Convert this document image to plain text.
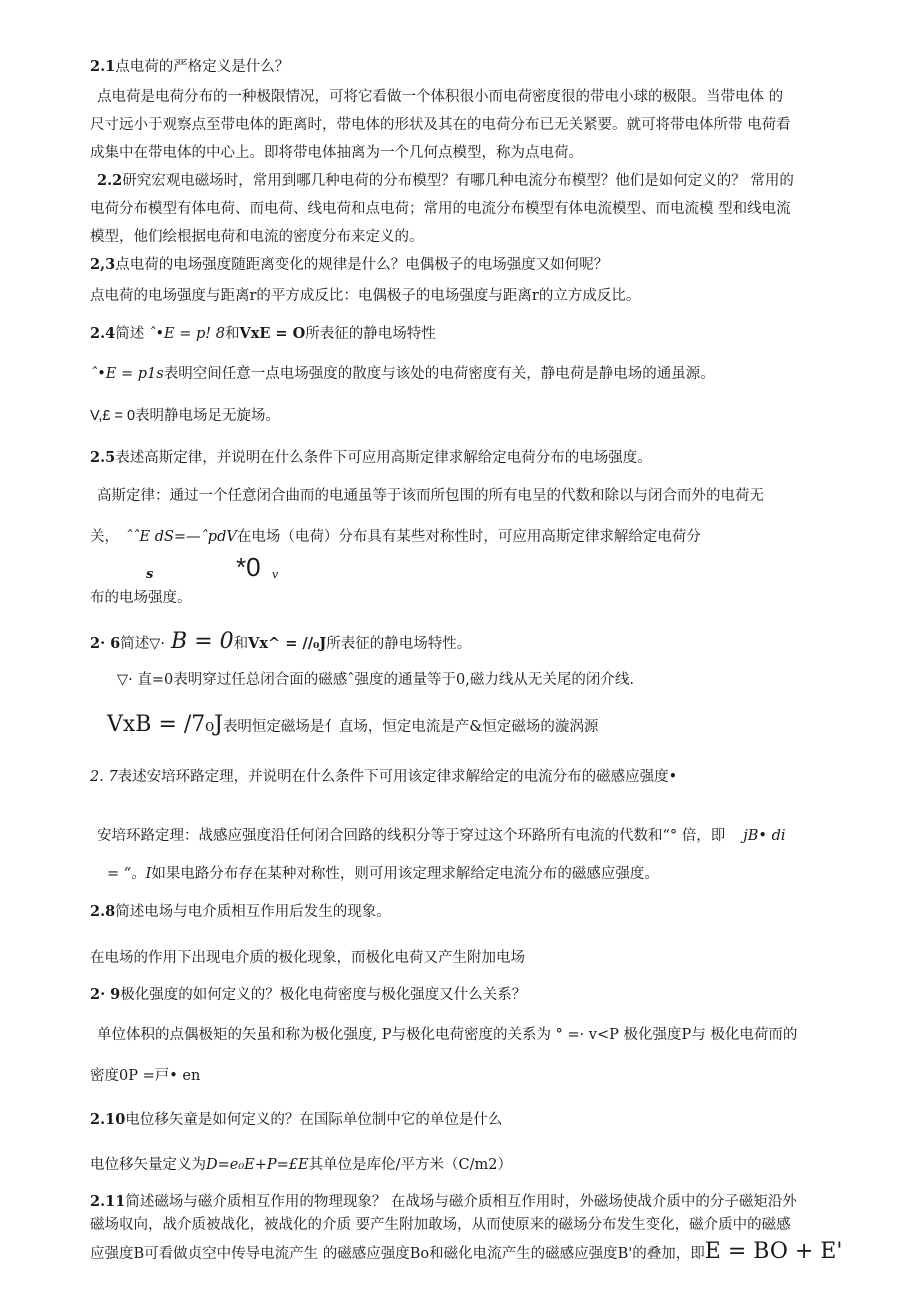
2.1点电荷的严格定义是什么？
点电荷是电荷分布的一种极限情况，可将它看做一个体积很小而电荷密度很的带电小球的极限。当带电体 的
尺寸远小于观察点至带电体的距离时，带电体的形状及其在的电荷分布已无关紧要。就可将带电体所带 电荷看
成集中在带电体的中心上。即将带电体抽离为一个几何点模型，称为点电荷。
2.2研究宏观电磁场时，常用到哪几种电荷的分布模型？有哪几种电流分布模型？他们是如何定义的？ 常用的
电荷分布模型有体电荷、而电荷、线电荷和点电荷；常用的电流分布模型有体电流模型、而电流模 型和线电流
模型，他们绘根据电荷和电流的密度分布来定义的。
2,3点电荷的电场强度随距离变化的规律是什么？电偶极子的电场强度又如何呢？
点电荷的电场强度与距离r的平方成反比：电偶极子的电场强度与距离r的立方成反比。
2.4简述 ˆ•E = p! 8和VxE = O所表征的静电场特性
ˆ•E = p1s表明空间任意一点电场强度的散度与该处的电荷密度有关，静电荷是静电场的通虽源。
V,£ = 0表明静电场足无旋场。
2.5表述高斯定律，并说明在什么条件下可应用高斯定律求解给定电荷分布的电场强度。
高斯定律：通过一个任意闭合曲而的电通虽等于该而所包围的所有电呈的代数和除以与闭合而外的电荷无
关， ˆˆE dS=—ˆpdV在电场（电荷）分布具有某些对称性时，可应用高斯定律求解给定电荷分
s	*0 v
布的电场强度。
2· 6简述▽· B = 0和Vx^ = //₀J所表征的静电场特性。
▽· 直=0表明穿过任总闭合面的磁感ˆ强度的通量等于0,磁力线从无关尾的闭介线.
VxB = /7₀J表明恒定磁场是亻直场，恒定电流是产&恒定磁场的漩涡源
2. 7表述安培环路定理，并说明在什么条件下可用该定律求解给定的电流分布的磁感应强度•
安培环路定理：战感应强度沿任何闭合回路的线积分等于穿过这个环路所有电流的代数和“° 倍，即 jB• di
= “。I如果电路分布存在某种对称性，则可用该定理求解给定电流分布的磁感应强度。
2.8简述电场与电介质相互作用后发生的现象。
在电场的作用下出现电介质的极化现象，而极化电荷又产生附加电场
2· 9极化强度的如何定义的？极化电荷密度与极化强度又什么关系？
单位体积的点偶极矩的矢虽和称为极化强度, P与极化电荷密度的关系为 ° =· v<P 极化强度P与 极化电荷而的
密度0P =戸• en
2.10电位移矢童是如何定义的？在国际单位制中它的单位是什么
电位移矢量定义为D=e₀E+P=£E其单位是库伦/平方米（C/m2）
2.11简述磁场与磁介质相互作用的物理现象？ 在战场与磁介质相互作用时，外磁场使战介质中的分子磁矩沿外
磁场収向，战介质被战化，被战化的介质 要产生附加敢场，从而使原来的磁场分布发生变化，磁介质中的磁感
应强度B可看做贞空中传导电流产生 的磁感应强度Bo和磁化电流产生的磁感应强度B'的叠加，即E = BO + E'
